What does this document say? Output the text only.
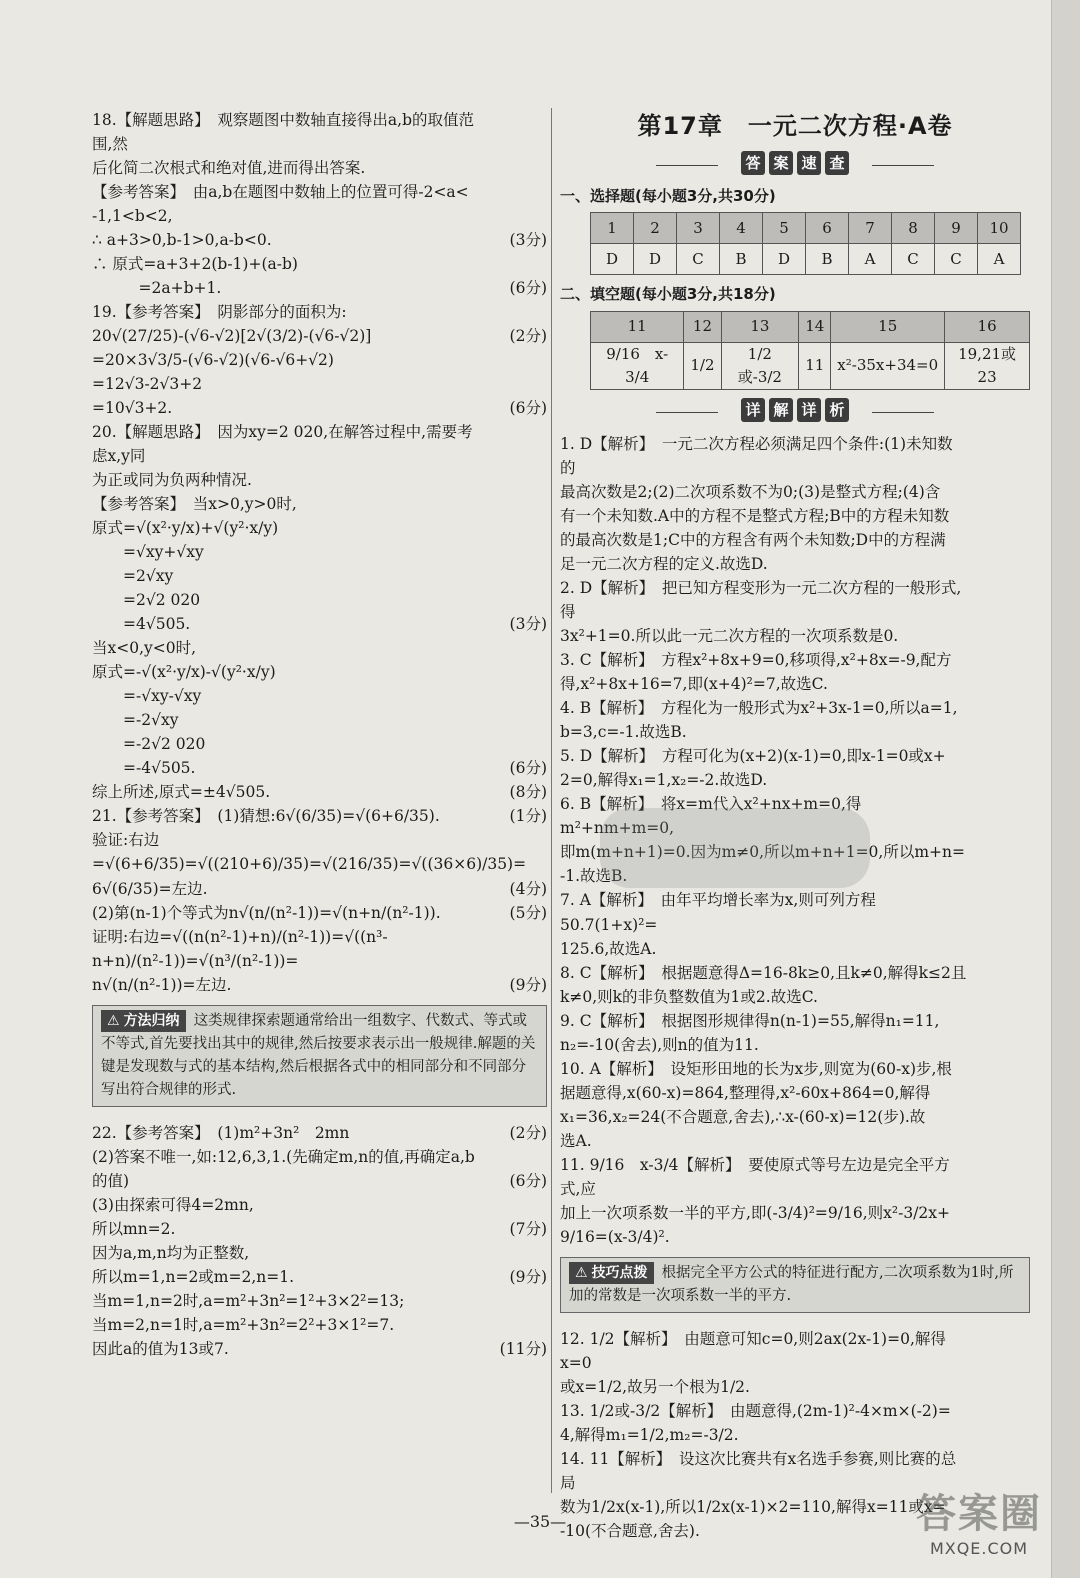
18.【解题思路】　观察题图中数轴直接得出a,b的取值范围,然

后化简二次根式和绝对值,进而得出答案.

【参考答案】　由a,b在题图中数轴上的位置可得-2<a<

-1,1<b<2,

∴ a+3>0,b-1>0,a-b<0.	(3分)

∴ 原式=a+3+2(b-1)+(a-b)

　　　=2a+b+1.	(6分)

19.【参考答案】　阴影部分的面积为:

20√(27/25)-(√6-√2)[2√(3/2)-(√6-√2)]	(2分)

=20×3√3/5-(√6-√2)(√6-√6+√2)

=12√3-2√3+2

=10√3+2.	(6分)

20.【解题思路】　因为xy=2 020,在解答过程中,需要考虑x,y同

为正或同为负两种情况.

【参考答案】　当x>0,y>0时,

原式=√(x²·y/x)+√(y²·x/y)

　　=√xy+√xy

　　=2√xy

　　=2√2 020

　　=4√505.	(3分)

当x<0,y<0时,

原式=-√(x²·y/x)-√(y²·x/y)

　　=-√xy-√xy

　　=-2√xy

　　=-2√2 020

　　=-4√505.	(6分)

综上所述,原式=±4√505.	(8分)

21.【参考答案】　(1)猜想:6√(6/35)=√(6+6/35).	(1分)

验证:右边=√(6+6/35)=√((210+6)/35)=√(216/35)=√((36×6)/35)=

6√(6/35)=左边.	(4分)

(2)第(n-1)个等式为n√(n/(n²-1))=√(n+n/(n²-1)).	(5分)

证明:右边=√((n(n²-1)+n)/(n²-1))=√((n³-n+n)/(n²-1))=√(n³/(n²-1))=

n√(n/(n²-1))=左边.	(9分)

⚠ 方法归纳 这类规律探索题通常给出一组数字、代数式、等式或不等式,首先要找出其中的规律,然后按要求表示出一般规律.解题的关键是发现数与式的基本结构,然后根据各式中的相同部分和不同部分写出符合规律的形式.

22.【参考答案】　(1)m²+3n²　2mn	(2分)

(2)答案不唯一,如:12,6,3,1.(先确定m,n的值,再确定a,b

的值)	(6分)

(3)由探索可得4=2mn,

所以mn=2.	(7分)

因为a,m,n均为正整数,

所以m=1,n=2或m=2,n=1.	(9分)

当m=1,n=2时,a=m²+3n²=1²+3×2²=13;

当m=2,n=1时,a=m²+3n²=2²+3×1²=7.

因此a的值为13或7.	(11分)

第17章　一元二次方程·A卷
答 案 速 查
一、选择题(每小题3分,共30分)
1	2	3	4	5	6	7	8	9	10
D	D	C	B	D	B	A	C	C	A
二、填空题(每小题3分,共18分)
11	12	13	14	15	16
9/16　x-3/4	1/2	1/2或-3/2	11	x²-35x+34=0	19,21或23
详 解 详 析

1. D【解析】　一元二次方程必须满足四个条件:(1)未知数的

最高次数是2;(2)二次项系数不为0;(3)是整式方程;(4)含

有一个未知数.A中的方程不是整式方程;B中的方程未知数

的最高次数是1;C中的方程含有两个未知数;D中的方程满

足一元二次方程的定义.故选D.

2. D【解析】　把已知方程变形为一元二次方程的一般形式,得

3x²+1=0.所以此一元二次方程的一次项系数是0.

3. C【解析】　方程x²+8x+9=0,移项得,x²+8x=-9,配方

得,x²+8x+16=7,即(x+4)²=7,故选C.

4. B【解析】　方程化为一般形式为x²+3x-1=0,所以a=1,

b=3,c=-1.故选B.

5. D【解析】　方程可化为(x+2)(x-1)=0,即x-1=0或x+

2=0,解得x₁=1,x₂=-2.故选D.

6. B【解析】　将x=m代入x²+nx+m=0,得m²+nm+m=0,

即m(m+n+1)=0.因为m≠0,所以m+n+1=0,所以m+n=

-1.故选B.

7. A【解析】　由年平均增长率为x,则可列方程50.7(1+x)²=

125.6,故选A.

8. C【解析】　根据题意得Δ=16-8k≥0,且k≠0,解得k≤2且

k≠0,则k的非负整数值为1或2.故选C.

9. C【解析】　根据图形规律得n(n-1)=55,解得n₁=11,

n₂=-10(舍去),则n的值为11.

10. A【解析】　设矩形田地的长为x步,则宽为(60-x)步,根

据题意得,x(60-x)=864,整理得,x²-60x+864=0,解得

x₁=36,x₂=24(不合题意,舍去),∴x-(60-x)=12(步).故

选A.

11. 9/16　x-3/4【解析】　要使原式等号左边是完全平方式,应

加上一次项系数一半的平方,即(-3/4)²=9/16,则x²-3/2x+

9/16=(x-3/4)².

⚠ 技巧点拨 根据完全平方公式的特征进行配方,二次项系数为1时,所加的常数是一次项系数一半的平方.

12. 1/2【解析】　由题意可知c=0,则2ax(2x-1)=0,解得x=0

或x=1/2,故另一个根为1/2.

13. 1/2或-3/2【解析】　由题意得,(2m-1)²-4×m×(-2)=

4,解得m₁=1/2,m₂=-3/2.

14. 11【解析】　设这次比赛共有x名选手参赛,则比赛的总局

数为1/2x(x-1),所以1/2x(x-1)×2=110,解得x=11或x=

-10(不合题意,舍去).

—35—	答案圈
MXQE.COM
